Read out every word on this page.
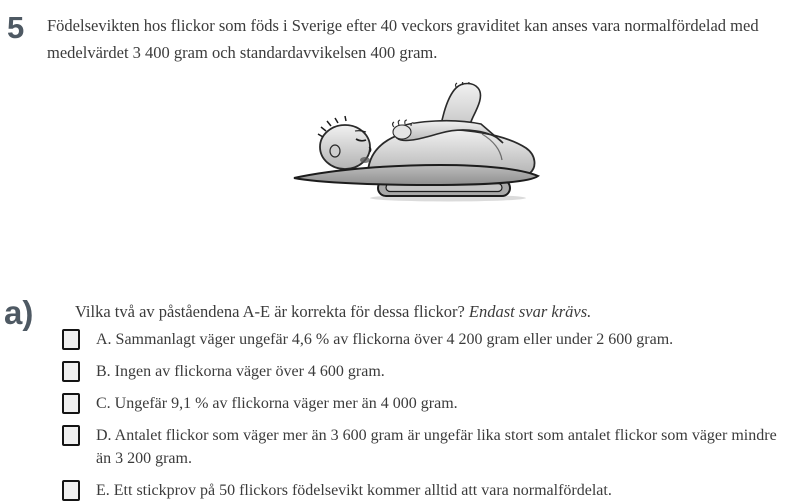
5 Födelsevikten hos flickor som föds i Sverige efter 40 veckors graviditet kan anses vara normalfördelad med medelvärdet 3 400 gram och standardavvikelsen 400 gram.
a)	Vilka två av påståendena A-E är korrekta för dessa flickor? Endast svar krävs.
A. Sammanlagt väger ungefär 4,6 % av flickorna över 4 200 gram eller under 2 600 gram.
B. Ingen av flickorna väger över 4 600 gram.
C. Ungefär 9,1 % av flickorna väger mer än 4 000 gram.
D. Antalet flickor som väger mer än 3 600 gram är ungefär lika stort som antalet flickor som väger mindre än 3 200 gram.
E. Ett stickprov på 50 flickors födelsevikt kommer alltid att vara normalfördelat.
